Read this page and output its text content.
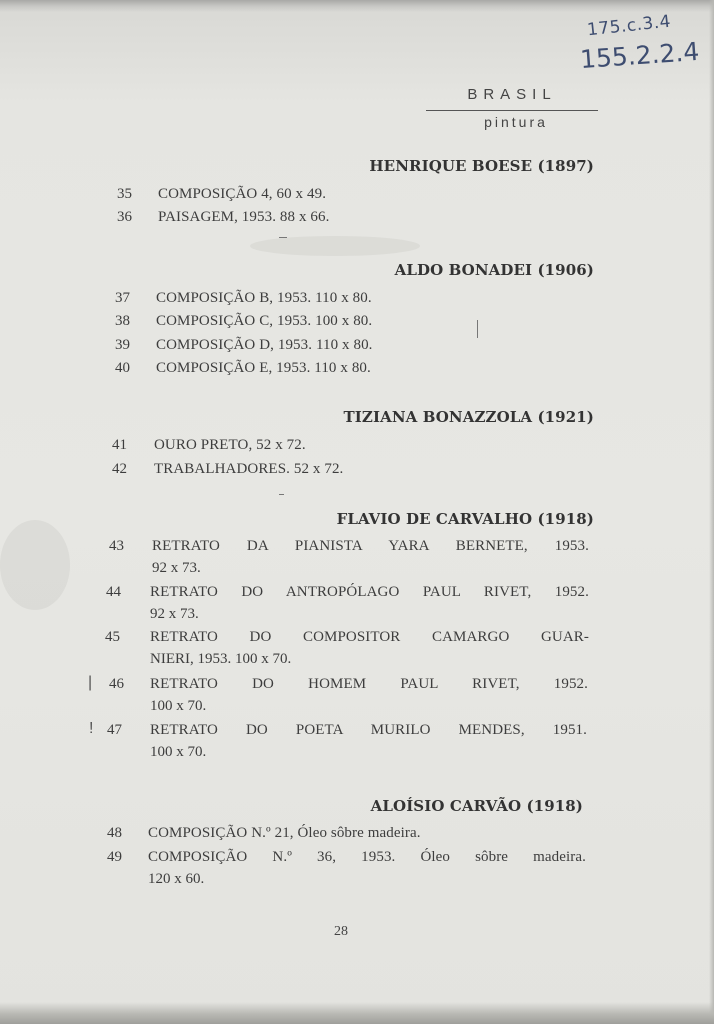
175.c.3.4
155.2.2.4
BRASIL
pintura
HENRIQUE BOESE (1897)
35 COMPOSIÇÃO 4, 60 x 49.
36 PAISAGEM, 1953. 88 x 66.
ALDO BONADEI (1906)
37 COMPOSIÇÃO B, 1953. 110 x 80.
38 COMPOSIÇÃO C, 1953. 100 x 80.
39 COMPOSIÇÃO D, 1953. 110 x 80.
40 COMPOSIÇÃO E, 1953. 110 x 80.
TIZIANA BONAZZOLA (1921)
41 OURO PRETO, 52 x 72.
42 TRABALHADORES. 52 x 72.
FLAVIO DE CARVALHO (1918)
43 RETRATO DA PIANISTA YARA BERNETE, 1953.
92 x 73.
44 RETRATO DO ANTROPÓLAGO PAUL RIVET, 1952.
92 x 73.
45 RETRATO DO COMPOSITOR CAMARGO GUAR-
NIERI, 1953. 100 x 70.
|	46 RETRATO DO HOMEM PAUL RIVET, 1952.
100 x 70.
! 47 RETRATO DO POETA MURILO MENDES, 1951.
100 x 70.
ALOÍSIO CARVÃO (1918)
48 COMPOSIÇÃO N.º 21, Óleo sôbre madeira.
49 COMPOSIÇÃO N.º 36, 1953. Óleo sôbre madeira.
120 x 60.
28
